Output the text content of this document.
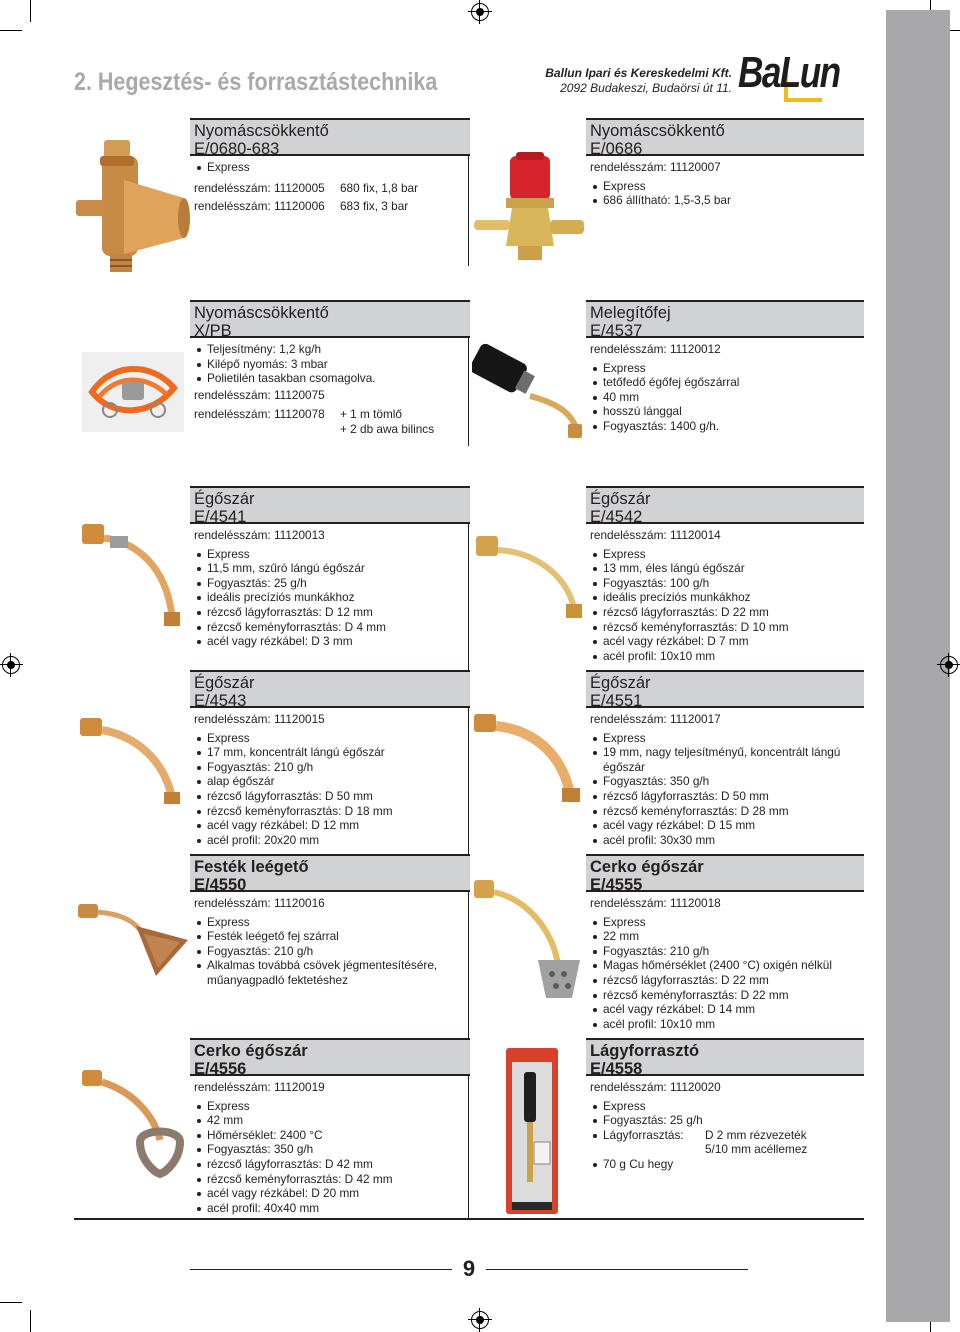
2. Hegesztés- és forrasztástechnika	Ballun Ipari és Kereskedelmi Kft.
2092 Budakeszi, Budaörsi út 11. BaLun
Nyomáscsökkentő
E/0680-683
Express
rendelésszám: 11120005	680 fix, 1,8 bar
rendelésszám: 11120006	683 fix, 3 bar
Nyomáscsökkentő
E/0686
rendelésszám: 11120007
Express
686 állítható: 1,5-3,5 bar
Nyomáscsökkentő
X/PB
Teljesítmény: 1,2 kg/h
Kilépő nyomás: 3 mbar
Polietilén tasakban csomagolva.
rendelésszám: 11120075
rendelésszám: 11120078	+ 1 m tömlő
+ 2 db awa bilincs
Melegítőfej
E/4537
rendelésszám: 11120012
Express
tetőfedő égőfej égőszárral
40 mm
hosszú lánggal
Fogyasztás: 1400 g/h.
Égőszár
E/4541
rendelésszám: 11120013
Express
11,5 mm, szűró lángú égőszár
Fogyasztás: 25 g/h
ideális precíziós munkákhoz
rézcső lágyforrasztás: D 12 mm
rézcső keményforrasztás: D 4 mm
acél vagy rézkábel: D 3 mm
Égőszár
E/4542
rendelésszám: 11120014
Express
13 mm, éles lángú égőszár
Fogyasztás: 100 g/h
ideális precíziós munkákhoz
rézcső lágyforrasztás: D 22 mm
rézcső keményforrasztás: D 10 mm
acél vagy rézkábel: D 7 mm
acél profil: 10x10 mm
Égőszár
E/4543
rendelésszám: 11120015
Express
17 mm, koncentrált lángú égőszár
Fogyasztás: 210 g/h
alap égőszár
rézcső lágyforrasztás: D 50 mm
rézcső keményforrasztás: D 18 mm
acél vagy rézkábel: D 12 mm
acél profil: 20x20 mm
Égőszár
E/4551
rendelésszám: 11120017
Express
19 mm, nagy teljesítményű, koncentrált lángú égőszár
Fogyasztás: 350 g/h
rézcső lágyforrasztás: D 50 mm
rézcső keményforrasztás: D 28 mm
acél vagy rézkábel: D 15 mm
acél profil: 30x30 mm
Festék leégető
E/4550
rendelésszám: 11120016
Express
Festék leégető fej szárral
Fogyasztás: 210 g/h
Alkalmas továbbá csövek jégmentesítésére, műanyagpadló fektetéshez
Cerko égőszár
E/4555
rendelésszám: 11120018
Express
22 mm
Fogyasztás: 210 g/h
Magas hőmérséklet (2400 °C) oxigén nélkül
rézcső lágyforrasztás: D 22 mm
rézcső keményforrasztás: D 22 mm
acél vagy rézkábel: D 14 mm
acél profil: 10x10 mm
Cerko égőszár
E/4556
rendelésszám: 11120019
Express
42 mm
Hőmérséklet: 2400 °C
Fogyasztás: 350 g/h
rézcső lágyforrasztás: D 42 mm
rézcső keményforrasztás: D 42 mm
acél vagy rézkábel: D 20 mm
acél profil: 40x40 mm
Lágyforrasztó
E/4558
rendelésszám: 11120020
Express
Fogyasztás: 25 g/h
Lágyforrasztás:	D 2 mm rézvezeték
5/10 mm acéllemez
70 g Cu hegy
9
